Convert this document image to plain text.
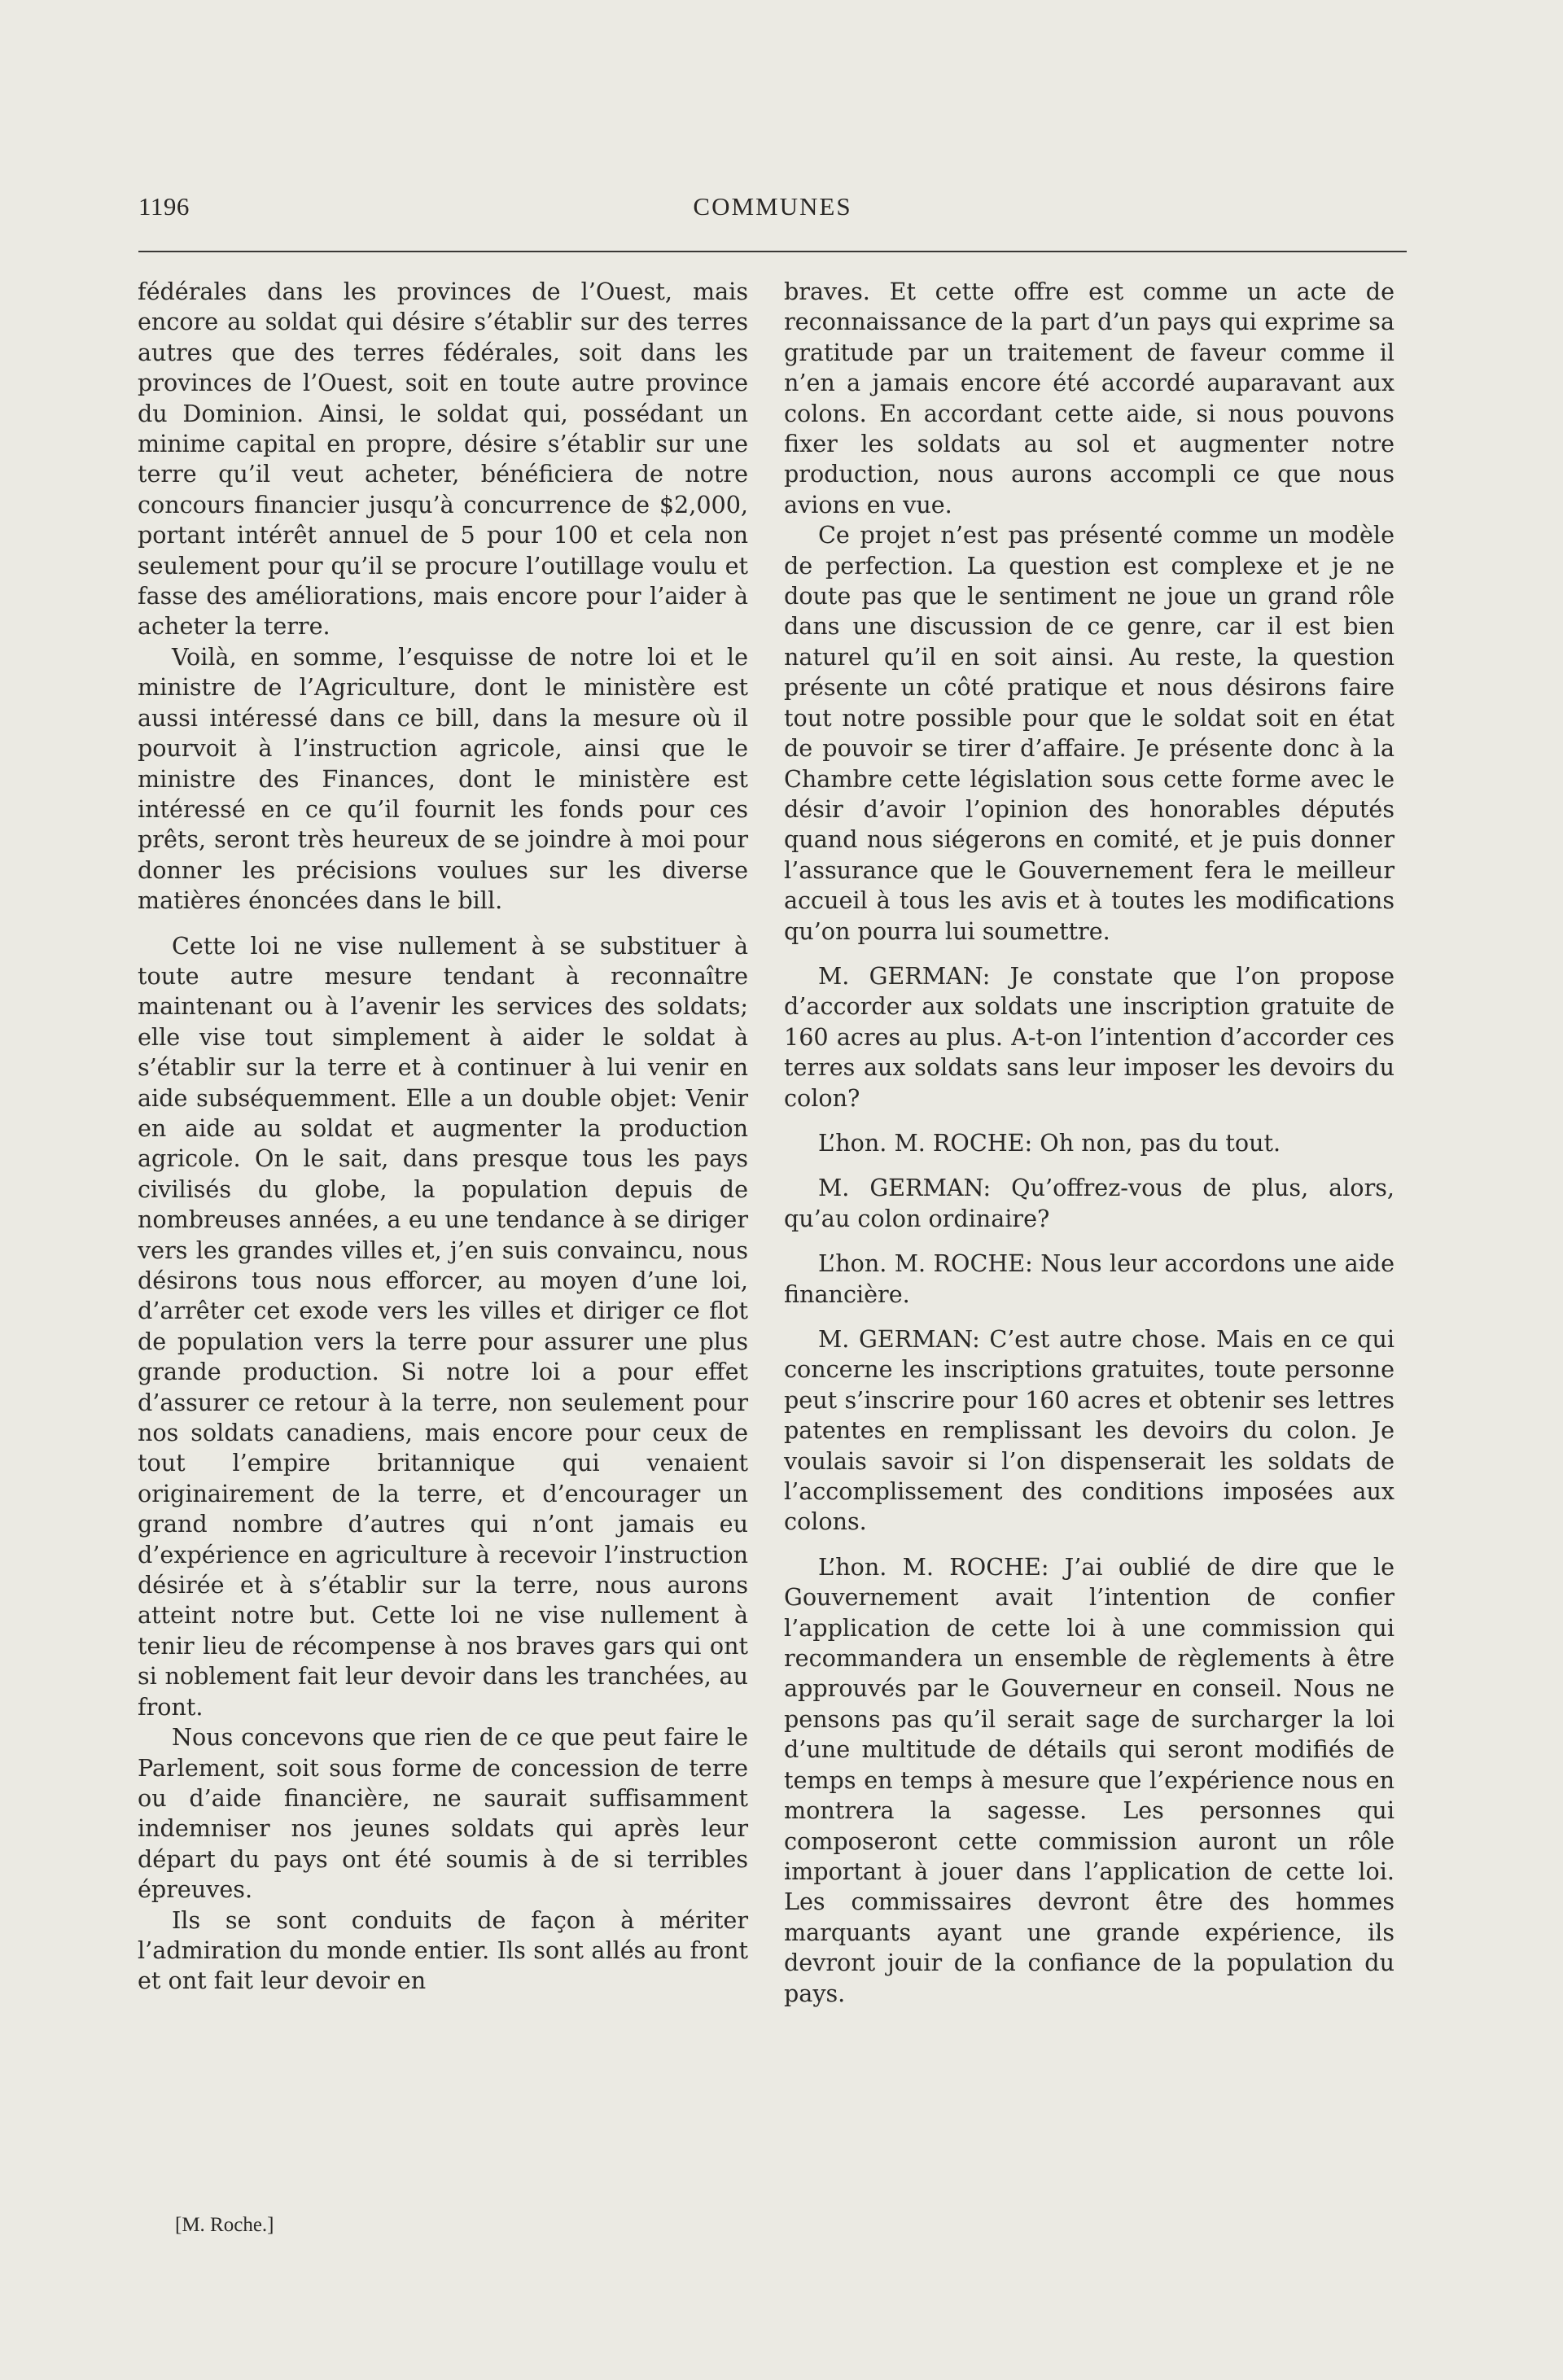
1196	COMMUNES

fédérales dans les provinces de l’Ouest, mais encore au soldat qui désire s’établir sur des terres autres que des terres fédérales, soit dans les provinces de l’Ouest, soit en toute autre province du Dominion. Ainsi, le soldat qui, possédant un minime capital en propre, désire s’établir sur une terre qu’il veut acheter, bénéficiera de notre concours financier jusqu’à concurrence de $2,000, portant intérêt annuel de 5 pour 100 et cela non seulement pour qu’il se procure l’outillage voulu et fasse des améliorations, mais encore pour l’aider à acheter la terre.

Voilà, en somme, l’esquisse de notre loi et le ministre de l’Agriculture, dont le ministère est aussi intéressé dans ce bill, dans la mesure où il pourvoit à l’instruction agricole, ainsi que le ministre des Finances, dont le ministère est intéressé en ce qu’il fournit les fonds pour ces prêts, seront très heureux de se joindre à moi pour donner les précisions voulues sur les diverse matières énoncées dans le bill.

Cette loi ne vise nullement à se substituer à toute autre mesure tendant à reconnaître maintenant ou à l’avenir les services des soldats; elle vise tout simplement à aider le soldat à s’établir sur la terre et à continuer à lui venir en aide subséquemment. Elle a un double objet: Venir en aide au soldat et augmenter la production agricole. On le sait, dans presque tous les pays civilisés du globe, la population depuis de nombreuses années, a eu une tendance à se diriger vers les grandes villes et, j’en suis convaincu, nous désirons tous nous efforcer, au moyen d’une loi, d’arrêter cet exode vers les villes et diriger ce flot de population vers la terre pour assurer une plus grande production. Si notre loi a pour effet d’assurer ce retour à la terre, non seulement pour nos soldats canadiens, mais encore pour ceux de tout l’empire britannique qui venaient originairement de la terre, et d’encourager un grand nombre d’autres qui n’ont jamais eu d’expérience en agriculture à recevoir l’instruction désirée et à s’établir sur la terre, nous aurons atteint notre but. Cette loi ne vise nullement à tenir lieu de récompense à nos braves gars qui ont si noblement fait leur devoir dans les tranchées, au front.

Nous concevons que rien de ce que peut faire le Parlement, soit sous forme de concession de terre ou d’aide financière, ne saurait suffisamment indemniser nos jeunes soldats qui après leur départ du pays ont été soumis à de si terribles épreuves.

Ils se sont conduits de façon à mériter l’admiration du monde entier. Ils sont allés au front et ont fait leur devoir en

[M. Roche.]

braves. Et cette offre est comme un acte de reconnaissance de la part d’un pays qui exprime sa gratitude par un traitement de faveur comme il n’en a jamais encore été accordé auparavant aux colons. En accordant cette aide, si nous pouvons fixer les soldats au sol et augmenter notre production, nous aurons accompli ce que nous avions en vue.

Ce projet n’est pas présenté comme un modèle de perfection. La question est complexe et je ne doute pas que le sentiment ne joue un grand rôle dans une discussion de ce genre, car il est bien naturel qu’il en soit ainsi. Au reste, la question présente un côté pratique et nous désirons faire tout notre possible pour que le soldat soit en état de pouvoir se tirer d’affaire. Je présente donc à la Chambre cette législation sous cette forme avec le désir d’avoir l’opinion des honorables députés quand nous siégerons en comité, et je puis donner l’assurance que le Gouvernement fera le meilleur accueil à tous les avis et à toutes les modifications qu’on pourra lui soumettre.

M. GERMAN: Je constate que l’on propose d’accorder aux soldats une inscription gratuite de 160 acres au plus. A-t-on l’intention d’accorder ces terres aux soldats sans leur imposer les devoirs du colon?

L’hon. M. ROCHE: Oh non, pas du tout.

M. GERMAN: Qu’offrez-vous de plus, alors, qu’au colon ordinaire?

L’hon. M. ROCHE: Nous leur accordons une aide financière.

M. GERMAN: C’est autre chose. Mais en ce qui concerne les inscriptions gratuites, toute personne peut s’inscrire pour 160 acres et obtenir ses lettres patentes en remplissant les devoirs du colon. Je voulais savoir si l’on dispenserait les soldats de l’accomplissement des conditions imposées aux colons.

L’hon. M. ROCHE: J’ai oublié de dire que le Gouvernement avait l’intention de confier l’application de cette loi à une commission qui recommandera un ensemble de règlements à être approuvés par le Gouverneur en conseil. Nous ne pensons pas qu’il serait sage de surcharger la loi d’une multitude de détails qui seront modifiés de temps en temps à mesure que l’expérience nous en montrera la sagesse. Les personnes qui composeront cette commission auront un rôle important à jouer dans l’application de cette loi. Les commissaires devront être des hommes marquants ayant une grande expérience, ils devront jouir de la confiance de la population du pays.
